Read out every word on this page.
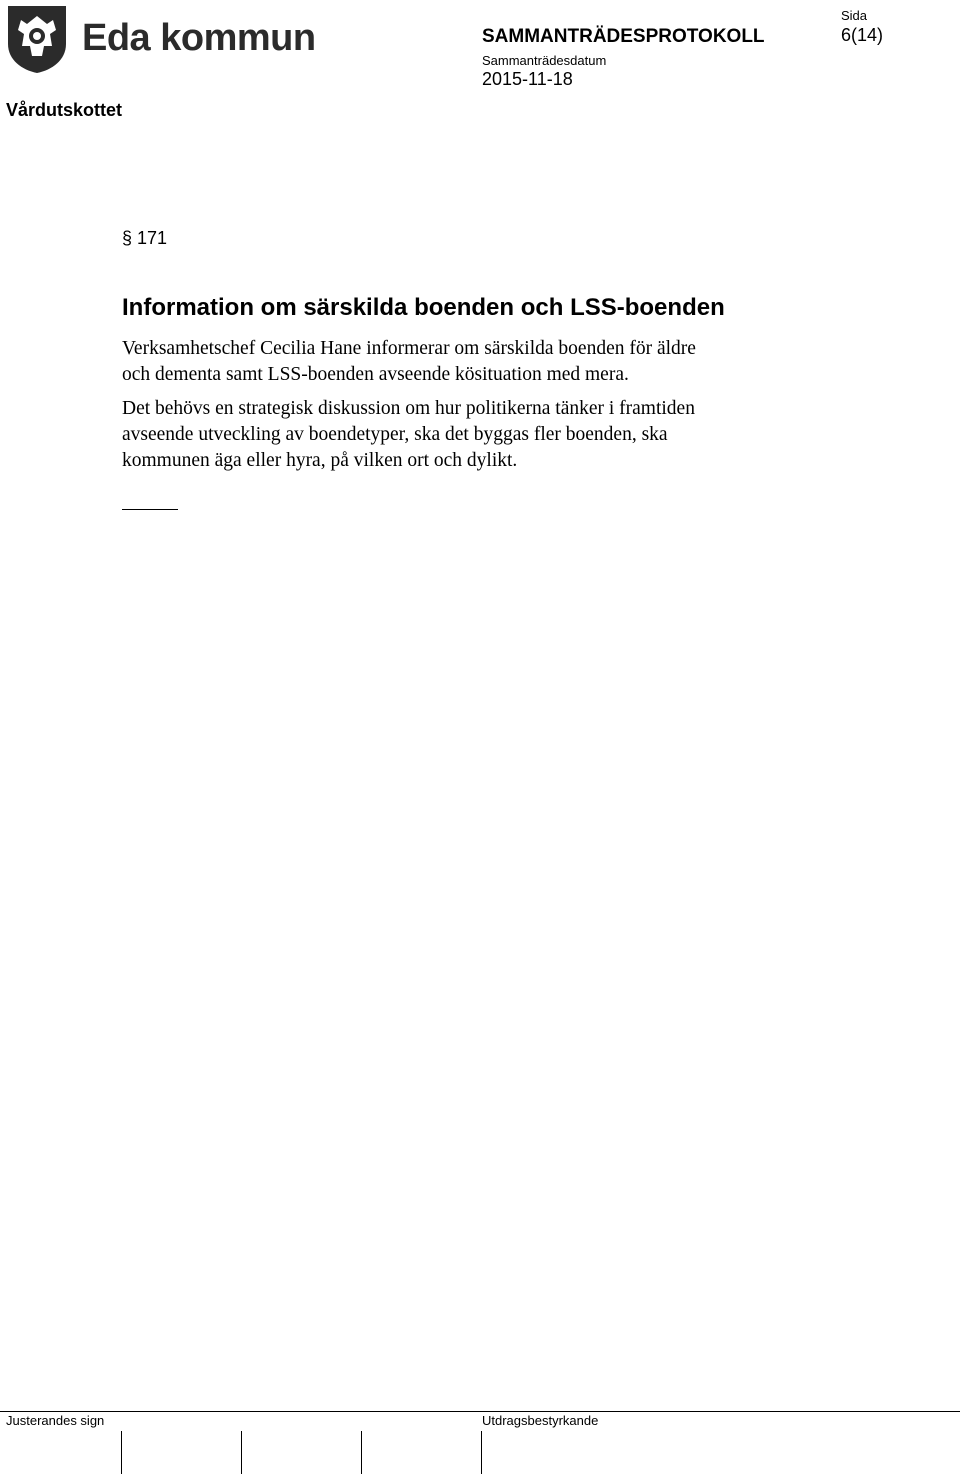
Eda kommun	SAMMANTRÄDESPROTOKOLL
Sammanträdesdatum
2015-11-18
Sida
6(14)
Vårdutskottet
§ 171
Information om särskilda boenden och LSS-boenden
Verksamhetschef Cecilia Hane informerar om särskilda boenden för äldre
och dementa samt LSS-boenden avseende kösituation med mera.
Det behövs en strategisk diskussion om hur politikerna tänker i framtiden
avseende utveckling av boendetyper, ska det byggas fler boenden, ska
kommunen äga eller hyra, på vilken ort och dylikt.
Justerandes sign	Utdragsbestyrkande
